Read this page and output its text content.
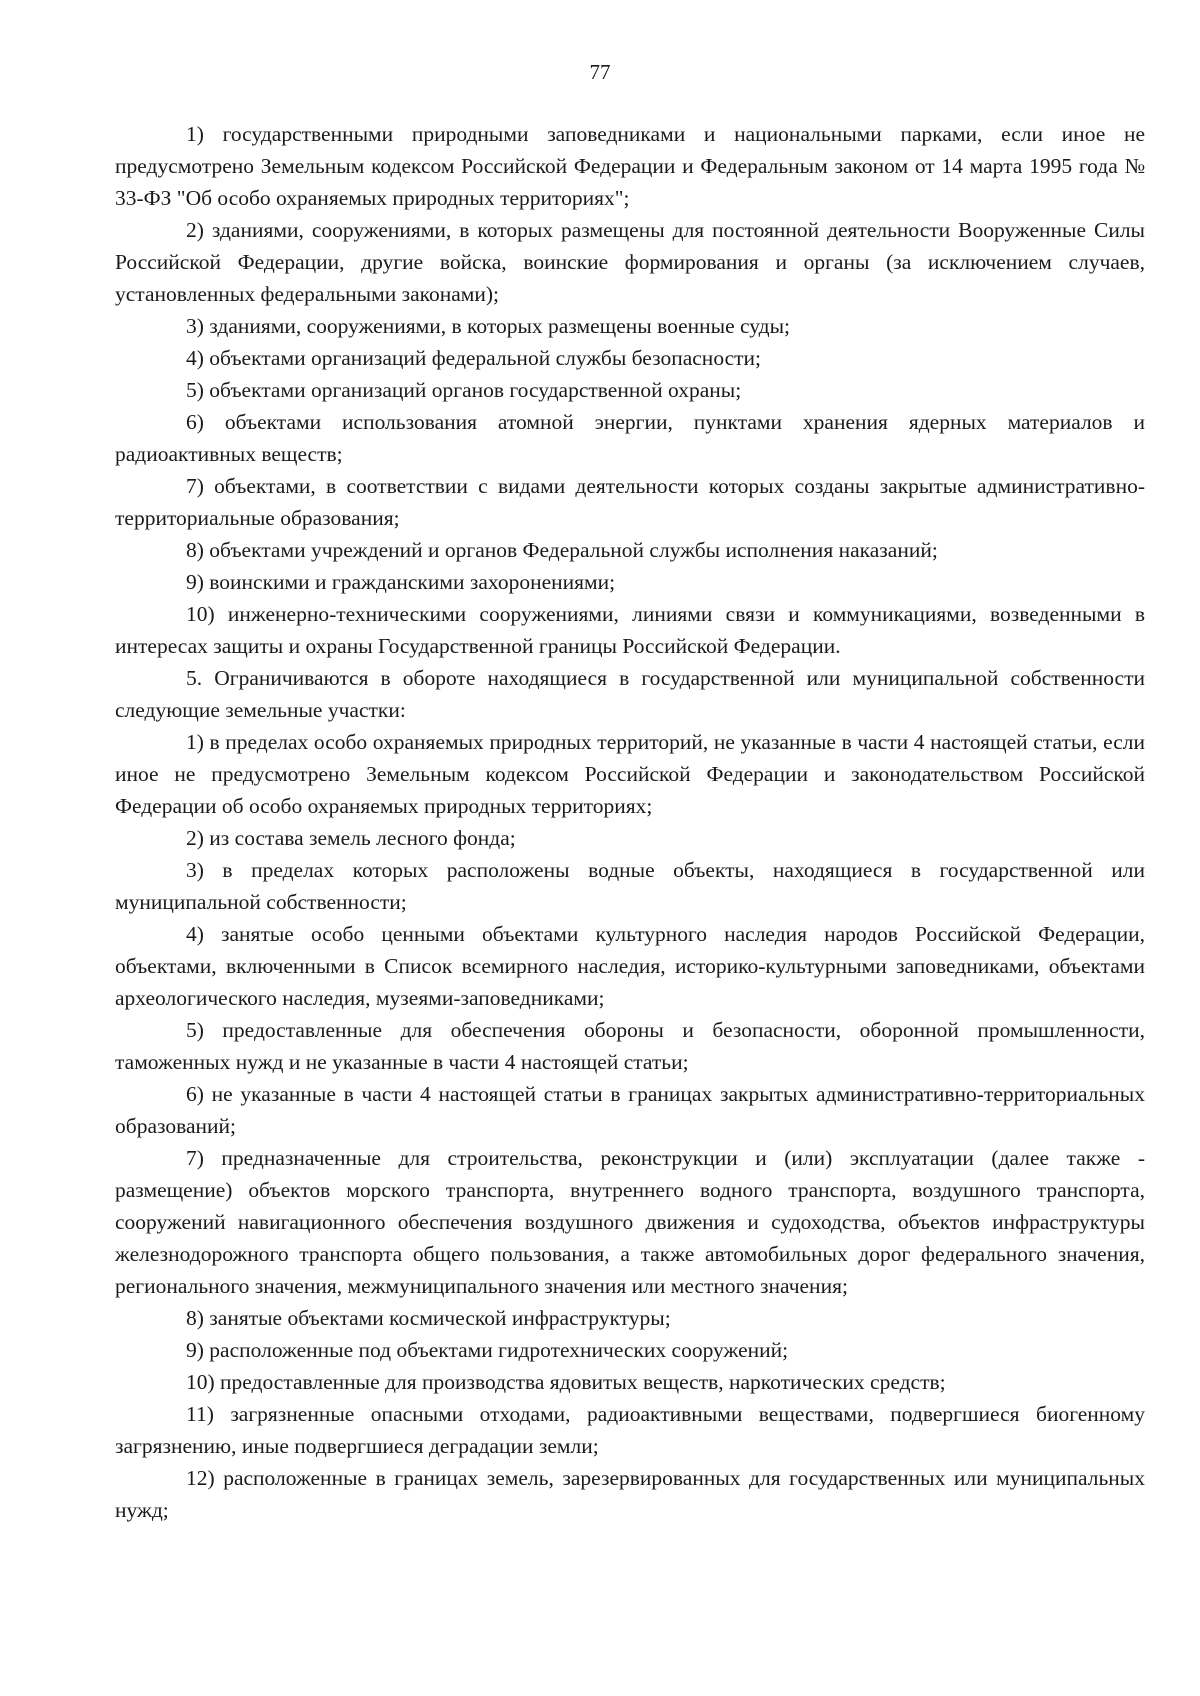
77

1) государственными природными заповедниками и национальными парками, если иное не предусмотрено Земельным кодексом Российской Федерации и Федеральным законом от 14 марта 1995 года № 33-ФЗ "Об особо охраняемых природных территориях";

2) зданиями, сооружениями, в которых размещены для постоянной деятельности Вооруженные Силы Российской Федерации, другие войска, воинские формирования и органы (за исключением случаев, установленных федеральными законами);

3) зданиями, сооружениями, в которых размещены военные суды;

4) объектами организаций федеральной службы безопасности;

5) объектами организаций органов государственной охраны;

6) объектами использования атомной энергии, пунктами хранения ядерных материалов и радиоактивных веществ;

7) объектами, в соответствии с видами деятельности которых созданы закрытые административно-территориальные образования;

8) объектами учреждений и органов Федеральной службы исполнения наказаний;

9) воинскими и гражданскими захоронениями;

10) инженерно-техническими сооружениями, линиями связи и коммуникациями, возведенными в интересах защиты и охраны Государственной границы Российской Федерации.

5. Ограничиваются в обороте находящиеся в государственной или муниципальной собственности следующие земельные участки:

1) в пределах особо охраняемых природных территорий, не указанные в части 4 настоящей статьи, если иное не предусмотрено Земельным кодексом Российской Федерации и законодательством Российской Федерации об особо охраняемых природных территориях;

2) из состава земель лесного фонда;

3) в пределах которых расположены водные объекты, находящиеся в государственной или муниципальной собственности;

4) занятые особо ценными объектами культурного наследия народов Российской Федерации, объектами, включенными в Список всемирного наследия, историко-культурными заповедниками, объектами археологического наследия, музеями-заповедниками;

5) предоставленные для обеспечения обороны и безопасности, оборонной промышленности, таможенных нужд и не указанные в части 4 настоящей статьи;

6) не указанные в части 4 настоящей статьи в границах закрытых административно-территориальных образований;

7) предназначенные для строительства, реконструкции и (или) эксплуатации (далее также - размещение) объектов морского транспорта, внутреннего водного транспорта, воздушного транспорта, сооружений навигационного обеспечения воздушного движения и судоходства, объектов инфраструктуры железнодорожного транспорта общего пользования, а также автомобильных дорог федерального значения, регионального значения, межмуниципального значения или местного значения;

8) занятые объектами космической инфраструктуры;

9) расположенные под объектами гидротехнических сооружений;

10) предоставленные для производства ядовитых веществ, наркотических средств;

11) загрязненные опасными отходами, радиоактивными веществами, подвергшиеся биогенному загрязнению, иные подвергшиеся деградации земли;

12) расположенные в границах земель, зарезервированных для государственных или муниципальных нужд;
